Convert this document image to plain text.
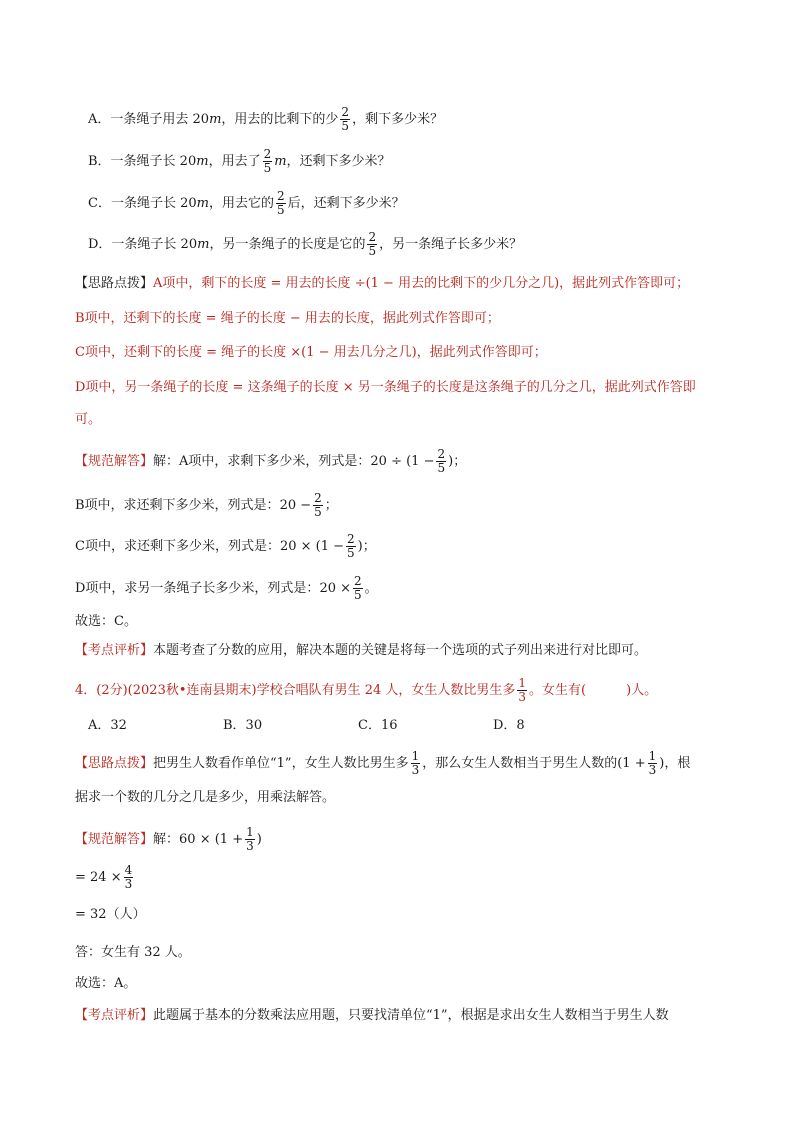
A．一条绳子用去 20m，用去的比剩下的少 $\frac{2}{5}$ ，剩下多少米？
B．一条绳子长 20m，用去了 $\frac{2}{5}$ m，还剩下多少米？
C．一条绳子长 20m，用去它的 $\frac{2}{5}$ 后，还剩下多少米？
D．一条绳子长 20m，另一条绳子的长度是它的 $\frac{2}{5}$ ，另一条绳子长多少米？
【思路点拨】A项中，剩下的长度 = 用去的长度 ÷(1 − 用去的比剩下的少几分之几)，据此列式作答即可；
B项中，还剩下的长度 = 绳子的长度 − 用去的长度，据此列式作答即可；
C项中，还剩下的长度 = 绳子的长度 ×(1 − 用去几分之几)，据此列式作答即可；
D项中，另一条绳子的长度 = 这条绳子的长度 × 另一条绳子的长度是这条绳子的几分之几，据此列式作答即
可。
【规范解答】解：A项中，求剩下多少米，列式是：$20 \div (1 - \frac{2}{5}$ )；
B项中，求还剩下多少米，列式是：$20 - \frac{2}{5}$ ；
C项中，求还剩下多少米，列式是：$20 \times (1 - \frac{2}{5}$ )；
D项中，求另一条绳子长多少米，列式是：$20 \times \frac{2}{5}$ 。
故选：C。
【考点评析】本题考查了分数的应用，解决本题的关键是将每一个选项的式子列出来进行对比即可。
4．(2分)(2023秋•连南县期末)学校合唱队有男生 24 人，女生人数比男生多 $\frac{1}{3}$ 。女生有(	)人。
A．32	B．30	C．16	D．8
【思路点拨】把男生人数看作单位“1”，女生人数比男生多 $\frac{1}{3}$ ，那么女生人数相当于男生人数的($1 + \frac{1}{3}$ )，根
据求一个数的几分之几是多少，用乘法解答。
【规范解答】解：$60 \times (1 + \frac{1}{3}$ )
= $24 \times \frac{4}{3}$
= 32（人）
答：女生有 32 人。
故选：A。
【考点评析】此题属于基本的分数乘法应用题，只要找清单位“1”，根据是求出女生人数相当于男生人数
